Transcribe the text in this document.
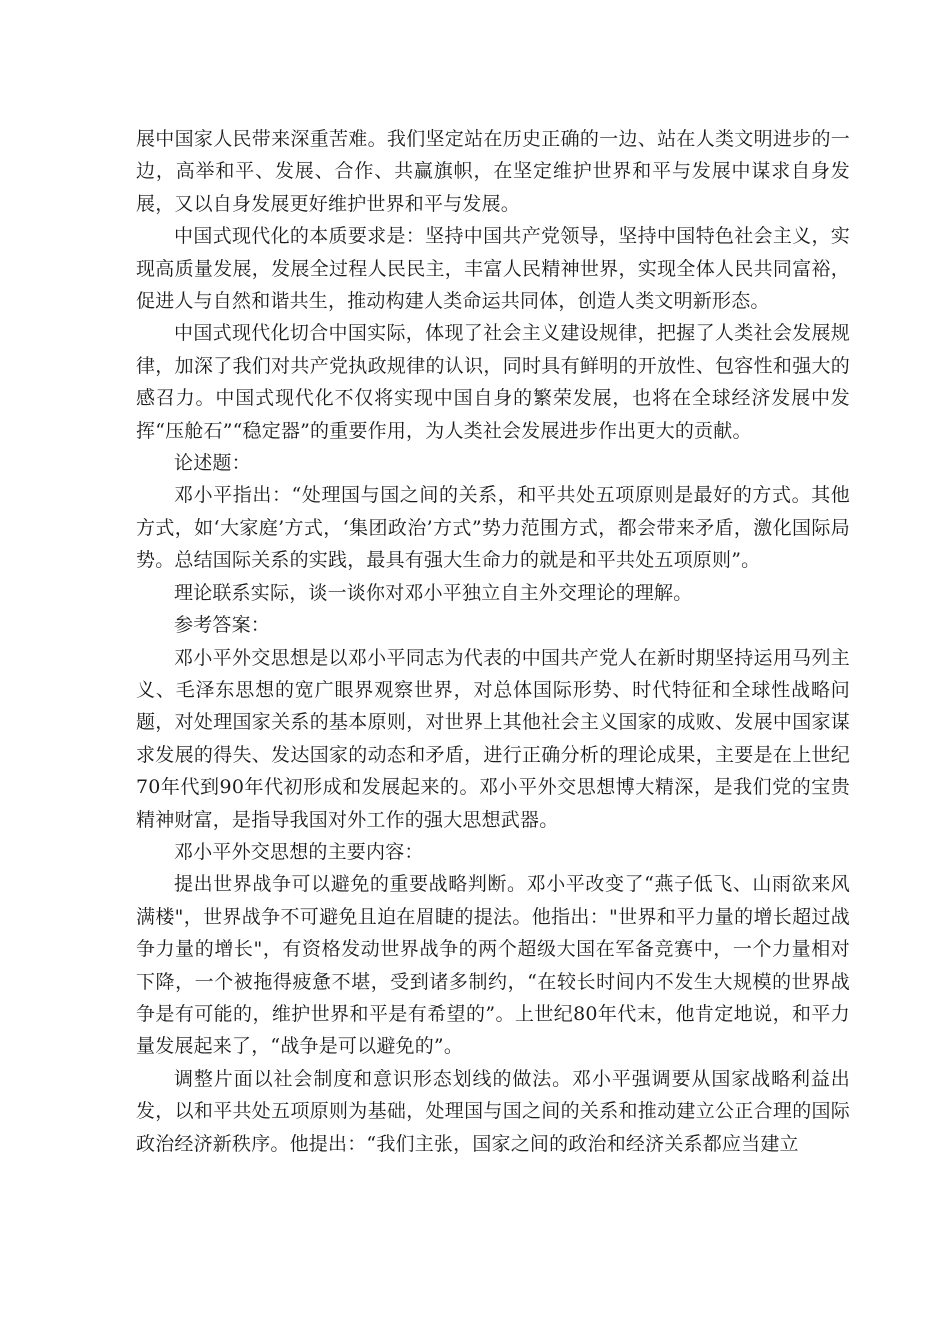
展中国家人民带来深重苦难。我们坚定站在历史正确的一边、站在人类文明进步的一边，高举和平、发展、合作、共赢旗帜，在坚定维护世界和平与发展中谋求自身发展，又以自身发展更好维护世界和平与发展。

中国式现代化的本质要求是：坚持中国共产党领导，坚持中国特色社会主义，实现高质量发展，发展全过程人民民主，丰富人民精神世界，实现全体人民共同富裕，促进人与自然和谐共生，推动构建人类命运共同体，创造人类文明新形态。

中国式现代化切合中国实际，体现了社会主义建设规律，把握了人类社会发展规律，加深了我们对共产党执政规律的认识，同时具有鲜明的开放性、包容性和强大的感召力。中国式现代化不仅将实现中国自身的繁荣发展，也将在全球经济发展中发挥“压舱石”“稳定器”的重要作用，为人类社会发展进步作出更大的贡献。

论述题：

邓小平指出：“处理国与国之间的关系，和平共处五项原则是最好的方式。其他方式，如‘大家庭’方式，‘集团政治’方式”势力范围方式，都会带来矛盾，激化国际局势。总结国际关系的实践，最具有强大生命力的就是和平共处五项原则”。

理论联系实际，谈一谈你对邓小平独立自主外交理论的理解。

参考答案：

邓小平外交思想是以邓小平同志为代表的中国共产党人在新时期坚持运用马列主义、毛泽东思想的宽广眼界观察世界，对总体国际形势、时代特征和全球性战略问题，对处理国家关系的基本原则，对世界上其他社会主义国家的成败、发展中国家谋求发展的得失、发达国家的动态和矛盾，进行正确分析的理论成果，主要是在上世纪70年代到90年代初形成和发展起来的。邓小平外交思想博大精深，是我们党的宝贵精神财富，是指导我国对外工作的强大思想武器。

邓小平外交思想的主要内容：

提出世界战争可以避免的重要战略判断。邓小平改变了“燕子低飞、山雨欲来风满楼"，世界战争不可避免且迫在眉睫的提法。他指出："世界和平力量的增长超过战争力量的增长"，有资格发动世界战争的两个超级大国在军备竞赛中，一个力量相对下降，一个被拖得疲惫不堪，受到诸多制约，“在较长时间内不发生大规模的世界战争是有可能的，维护世界和平是有希望的”。上世纪80年代末，他肯定地说，和平力量发展起来了，“战争是可以避免的”。

调整片面以社会制度和意识形态划线的做法。邓小平强调要从国家战略利益出发，以和平共处五项原则为基础，处理国与国之间的关系和推动建立公正合理的国际政治经济新秩序。他提出：“我们主张，国家之间的政治和经济关系都应当建立
